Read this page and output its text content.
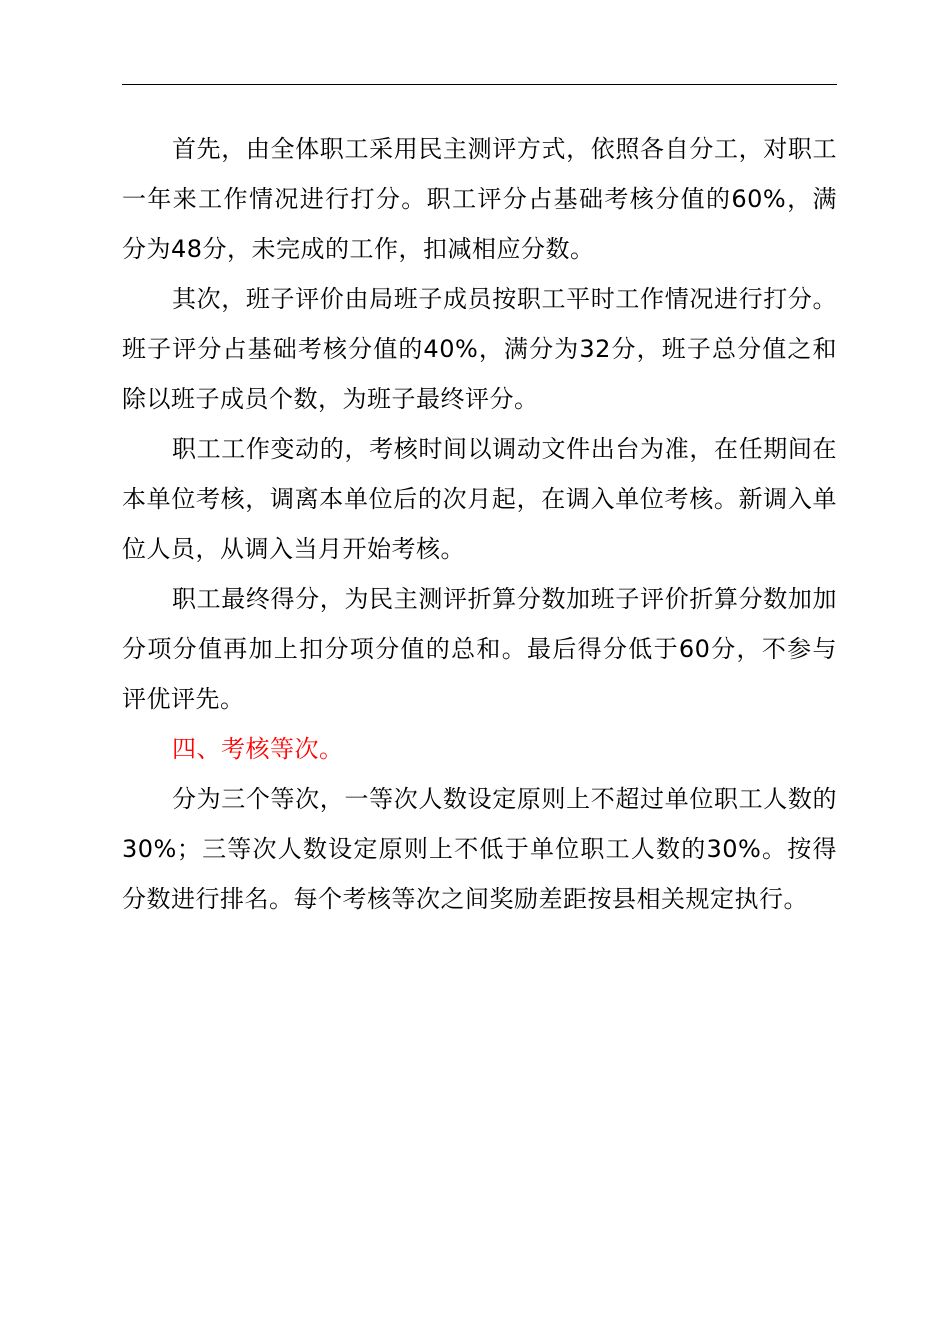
首先，由全体职工采用民主测评方式，依照各自分工，对职工一年来工作情况进行打分。职工评分占基础考核分值的60%，满分为48分，未完成的工作，扣减相应分数。

其次，班子评价由局班子成员按职工平时工作情况进行打分。班子评分占基础考核分值的40%，满分为32分，班子总分值之和除以班子成员个数，为班子最终评分。

职工工作变动的，考核时间以调动文件出台为准，在任期间在本单位考核，调离本单位后的次月起，在调入单位考核。新调入单位人员，从调入当月开始考核。

职工最终得分，为民主测评折算分数加班子评价折算分数加加分项分值再加上扣分项分值的总和。最后得分低于60分，不参与评优评先。

四、考核等次。

分为三个等次，一等次人数设定原则上不超过单位职工人数的30%；三等次人数设定原则上不低于单位职工人数的30%。按得分数进行排名。每个考核等次之间奖励差距按县相关规定执行。
